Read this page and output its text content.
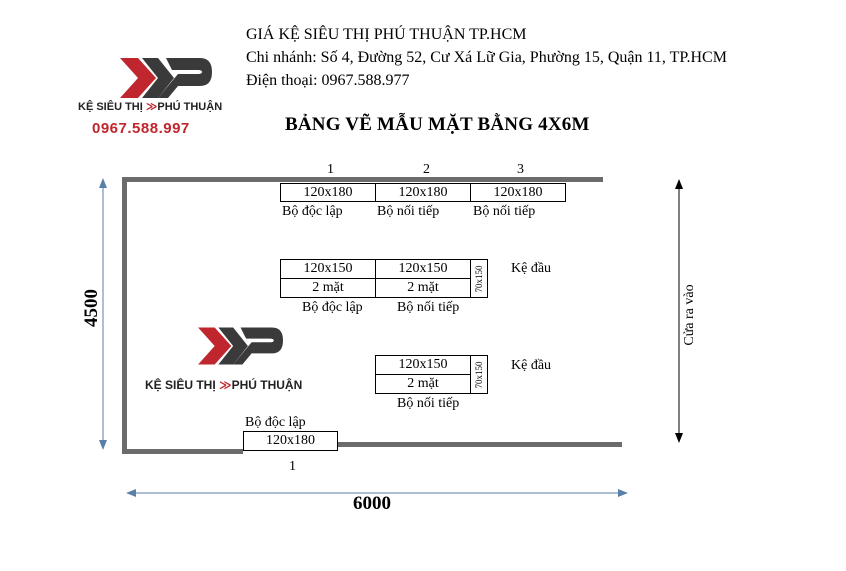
KỆ SIÊU THỊ ≫PHÚ THUẬN
0967.588.997
GIÁ KỆ SIÊU THỊ PHÚ THUẬN TP.HCM
Chi nhánh: Số 4, Đường 52, Cư Xá Lữ Gia, Phường 15, Quận 11, TP.HCM
Điện thoại: 0967.588.977
BẢNG VẼ MẪU MẶT BẰNG 4X6M
1	2	3
120x180	120x180	120x180
Bộ độc lập Bộ nối tiếp Bộ nối tiếp
120x150	120x150
2 mặt	2 mặt	70x150 Kệ đầu
Bộ độc lập Bộ nối tiếp
120x150
2 mặt	70x150 Kệ đầu
Bộ nối tiếp
KỆ SIÊU THỊ ≫PHÚ THUẬN
Bộ độc lập
120x180
1
4500
6000
Cửa ra vào
